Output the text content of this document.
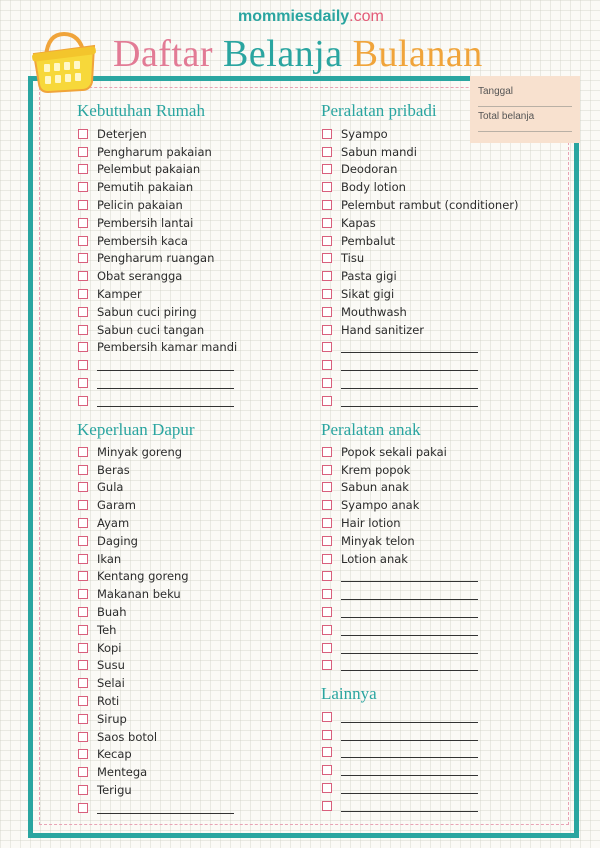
mommiesdaily.com
Daftar Belanja Bulanan
Tanggal
Total belanja
Kebutuhan Rumah
Deterjen
Pengharum pakaian
Pelembut pakaian
Pemutih pakaian
Pelicin pakaian
Pembersih lantai
Pembersih kaca
Pengharum ruangan
Obat serangga
Kamper
Sabun cuci piring
Sabun cuci tangan
Pembersih kamar mandi
Peralatan pribadi
Syampo
Sabun mandi
Deodoran
Body lotion
Pelembut rambut (conditioner)
Kapas
Pembalut
Tisu
Pasta gigi
Sikat gigi
Mouthwash
Hand sanitizer
Keperluan Dapur
Minyak goreng
Beras
Gula
Garam
Ayam
Daging
Ikan
Kentang goreng
Makanan beku
Buah
Teh
Kopi
Susu
Selai
Roti
Sirup
Saos botol
Kecap
Mentega
Terigu
Peralatan anak
Popok sekali pakai
Krem popok
Sabun anak
Syampo anak
Hair lotion
Minyak telon
Lotion anak
Lainnya
